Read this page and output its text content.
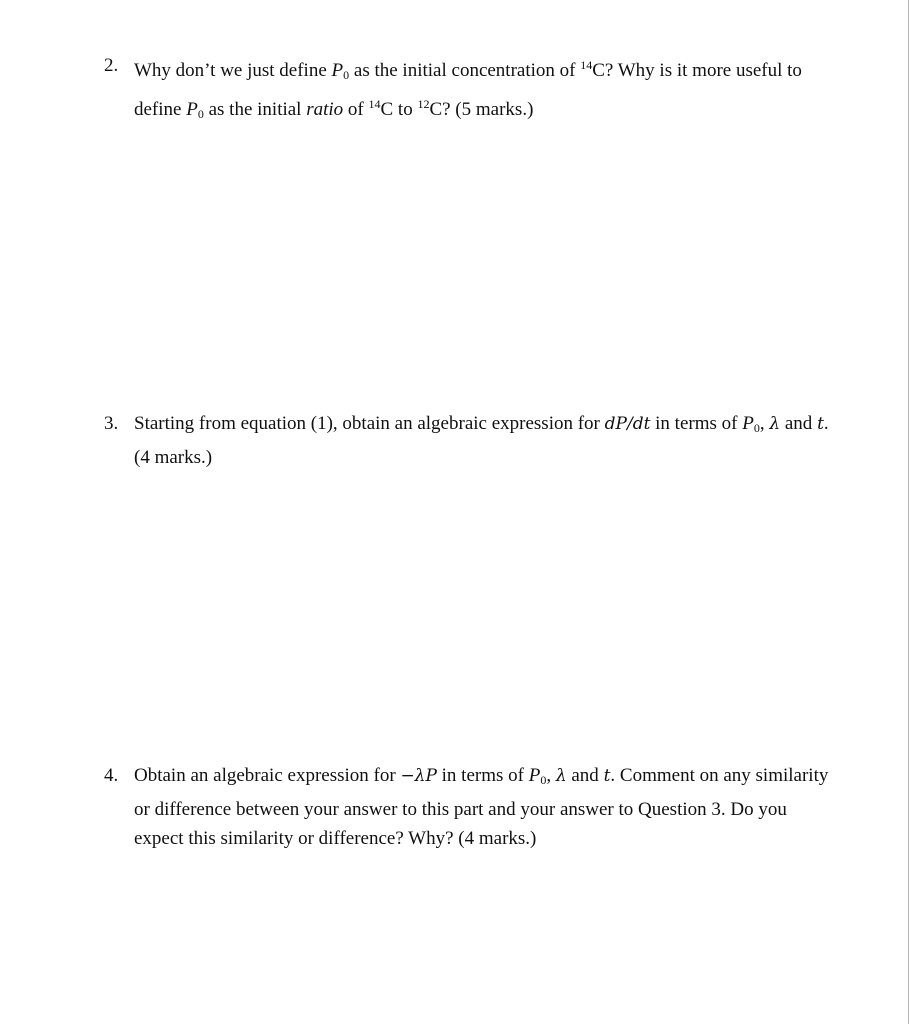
2. Why don’t we just define $P_0$ as the initial concentration of $^{14}$C? Why is it more useful to define $P_0$ as the initial ratio of $^{14}$C to $^{12}$C? (5 marks.)
3. Starting from equation (1), obtain an algebraic expression for dP/dt in terms of $P_0$, λ and t. (4 marks.)
4. Obtain an algebraic expression for −λP in terms of $P_0$, λ and t. Comment on any similarity or difference between your answer to this part and your answer to Question 3. Do you expect this similarity or difference? Why? (4 marks.)
